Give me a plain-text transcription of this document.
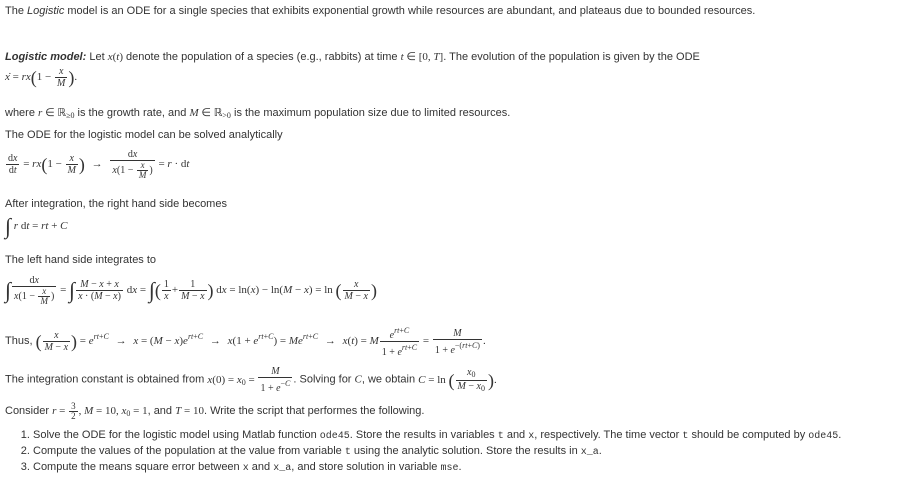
The Logistic model is an ODE for a single species that exhibits exponential growth while resources are abundant, and plateaus due to bounded resources.
Logistic model: Let x(t) denote the population of a species (e.g., rabbits) at time t ∈ [0, T]. The evolution of the population is given by the ODE
ẋ = $rx(1 - \frac{x}{M}$ ).
where r ∈ ℝ$_{\ge 0}$ is the growth rate, and M ∈ ℝ$_{>0}$ is the maximum population size due to limited resources.
The ODE for the logistic model can be solved analytically
$\frac{dx}{dt} = rx(1 - \frac{x}{M}$ ) → $\frac{dx}{x(1 - \frac{x}{M} )} = r$ · dt
After integration, the right hand side becomes
∫ r dt = rt + C
The left hand side integrates to
∫ $\frac{dx}{x(1 - \frac{x}{M} )}$ = ∫ $\frac{M - x + x}{x \cdot (M - x)}$ dx = ∫( $\frac{1}{x} + \frac{1}{M - x}$ ) dx = ln(x) − ln(M − x) = ln ( $\frac{x}{M - x}$ )
Thus, ( $\frac{x}{M - x}$ ) = $e^{rt+C} \to x = (M - x)e^{rt+C} \to x(1 + e^{rt+C}) = Me^{rt+C} \to x(t) = M \frac{e^{rt+C}}{1 + e^{rt+C}} = \frac{M}{1 + e^{-(rt+C)}}$ .
The integration constant is obtained from $x(0) = x_0 = \frac{M}{1 + e^{-C}}$ . Solving for C, we obtain C = ln ( $\frac{x_0}{M - x_0}$ ).
Consider $r = \frac{3}{2}$ , M = 10, $x_0 = 1$, and T = 10. Write the script that performes the following.
1. Solve the ODE for the logistic model using Matlab function ode45. Store the results in variables t and x, respectively. The time vector t should be computed by ode45.
2. Compute the values of the population at the value from variable t using the analytic solution. Store the results in x_a.
3. Compute the means square error between x and x_a, and store solution in variable mse.
